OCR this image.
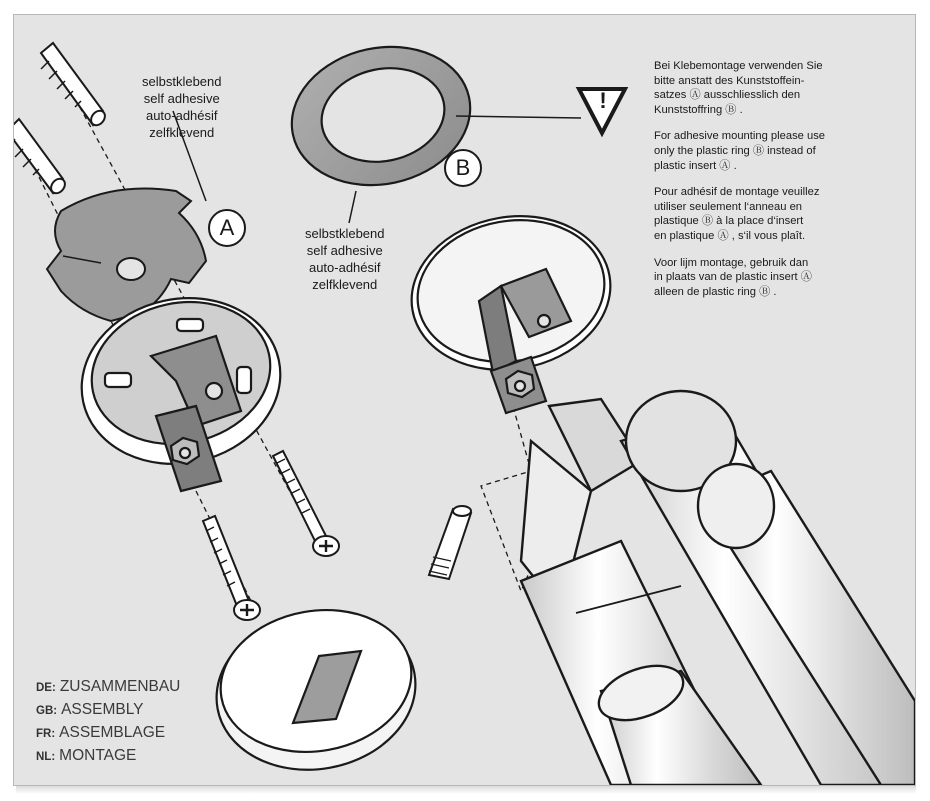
A
B
!
selbstklebend
self adhesive
auto-adhésif
zelfklevend
selbstklebend
self adhesive
auto-adhésif
zelfklevend

Bei Klebemontage verwenden Sie
bitte anstatt des Kunststoffein-
satzes Ⓐ ausschliesslich den
Kunststoffring Ⓑ .

For adhesive mounting please use
only the plastic ring Ⓑ instead of
plastic insert Ⓐ .

Pour adhésif de montage veuillez
utiliser seulement l‘anneau en
plastique Ⓑ à la place d‘insert
en plastique Ⓐ , s‘il vous plaît.

Voor lijm montage, gebruik dan
in plaats van de plastic insert Ⓐ
alleen de plastic ring Ⓑ .

DE: ZUSAMMENBAU
GB: ASSEMBLY
FR: ASSEMBLAGE
NL: MONTAGE
